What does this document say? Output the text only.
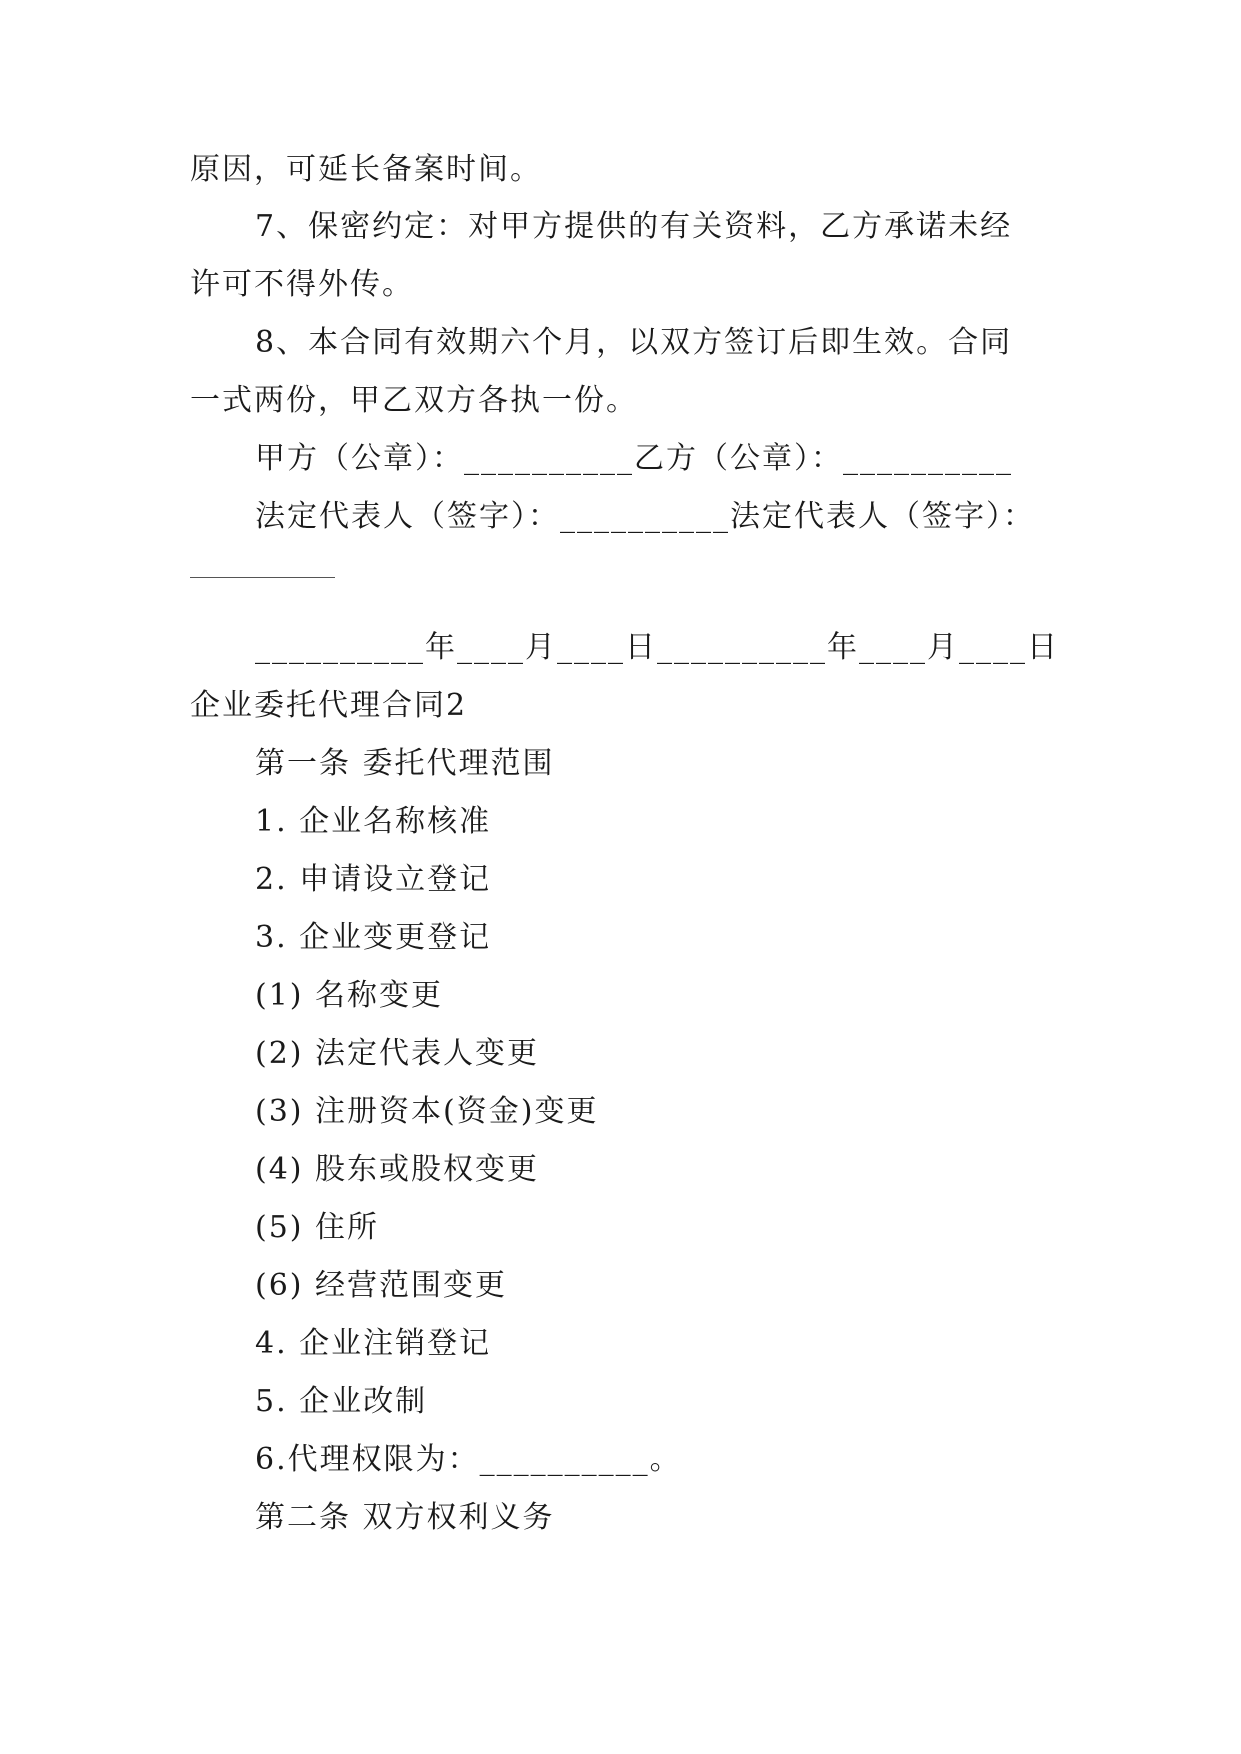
原因，可延长备案时间。
7、保密约定：对甲方提供的有关资料，乙方承诺未经
许可不得外传。
8、本合同有效期六个月，以双方签订后即生效。合同
一式两份，甲乙双方各执一份。
甲方（公章）：__________乙方（公章）：__________
法定代表人（签字）：__________法定代表人（签字）：
__________年____月____日__________年____月____日
企业委托代理合同2
第一条 委托代理范围
1. 企业名称核准
2. 申请设立登记
3. 企业变更登记
(1) 名称变更
(2) 法定代表人变更
(3) 注册资本(资金)变更
(4) 股东或股权变更
(5) 住所
(6) 经营范围变更
4. 企业注销登记
5. 企业改制
6.代理权限为：__________。
第二条 双方权利义务
